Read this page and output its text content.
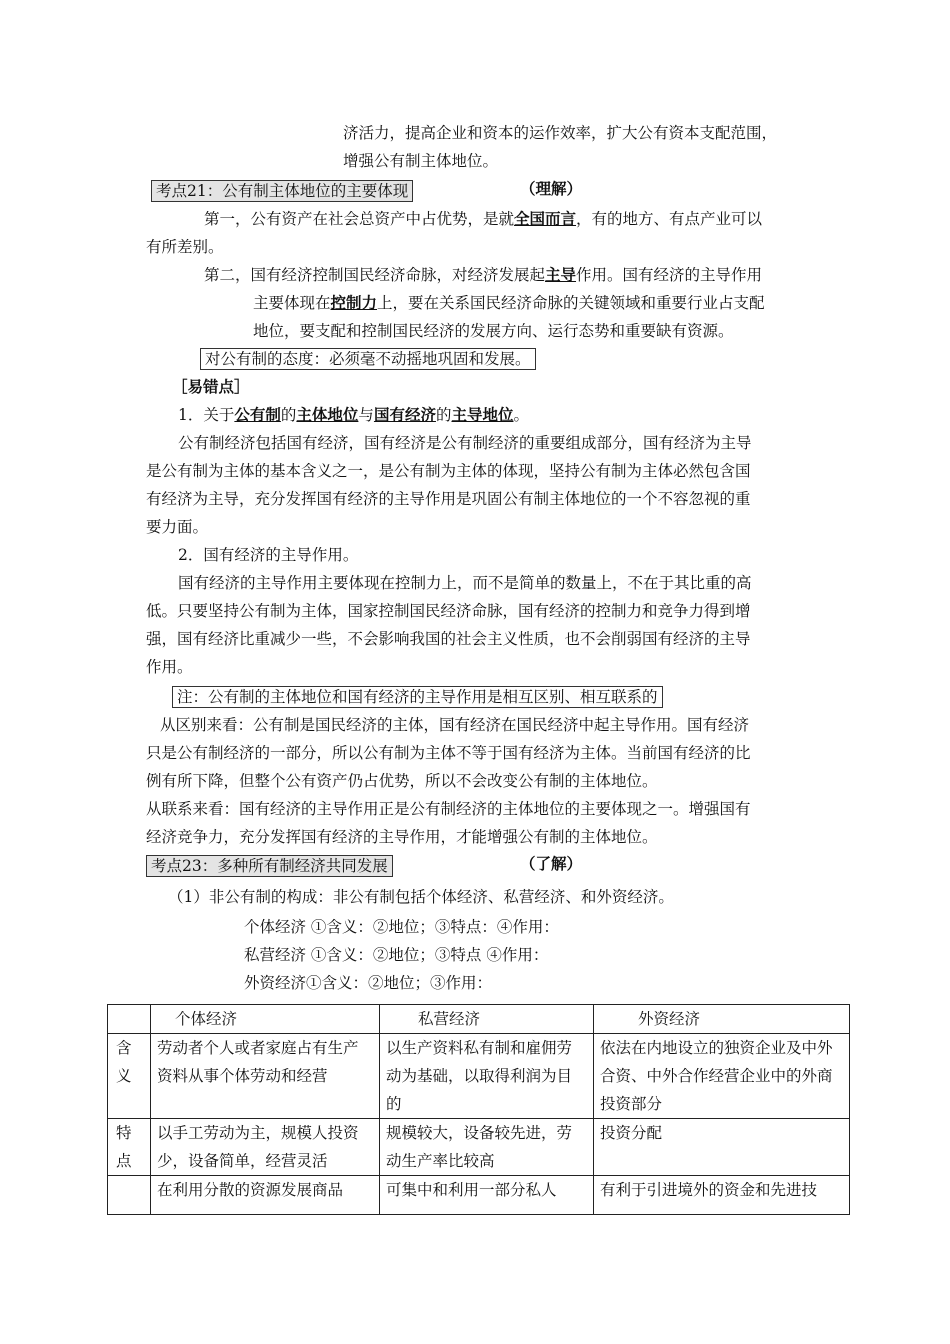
济活力，提高企业和资本的运作效率，扩大公有资本支配范围，
增强公有制主体地位。
考点21：公有制主体地位的主要体现	（理解）
第一，公有资产在社会总资产中占优势，是就全国而言，有的地方、有点产业可以
有所差别。
第二，国有经济控制国民经济命脉，对经济发展起主导作用。国有经济的主导作用
主要体现在控制力上，要在关系国民经济命脉的关键领域和重要行业占支配
地位，要支配和控制国民经济的发展方向、运行态势和重要缺有资源。
对公有制的态度：必须毫不动摇地巩固和发展。
［易错点］
1．关于公有制的主体地位与国有经济的主导地位。
公有制经济包括国有经济，国有经济是公有制经济的重要组成部分，国有经济为主导
是公有制为主体的基本含义之一，是公有制为主体的体现，坚持公有制为主体必然包含国
有经济为主导，充分发挥国有经济的主导作用是巩固公有制主体地位的一个不容忽视的重
要力面。
2．国有经济的主导作用。
国有经济的主导作用主要体现在控制力上，而不是简单的数量上，不在于其比重的高
低。只要坚持公有制为主体，国家控制国民经济命脉，国有经济的控制力和竞争力得到增
强，国有经济比重减少一些，不会影响我国的社会主义性质，也不会削弱国有经济的主导
作用。
注：公有制的主体地位和国有经济的主导作用是相互区别、相互联系的
从区别来看：公有制是国民经济的主体，国有经济在国民经济中起主导作用。国有经济
只是公有制经济的一部分，所以公有制为主体不等于国有经济为主体。当前国有经济的比
例有所下降，但整个公有资产仍占优势，所以不会改变公有制的主体地位。
从联系来看：国有经济的主导作用正是公有制经济的主体地位的主要体现之一。增强国有
经济竞争力，充分发挥国有经济的主导作用，才能增强公有制的主体地位。
考点23：多种所有制经济共同发展	（了解）
（1）非公有制的构成：非公有制包括个体经济、私营经济、和外资经济。
个体经济 ①含义：②地位；③特点：④作用：
私营经济 ①含义：②地位；③特点 ④作用：
外资经济①含义：②地位；③作用：
	个体经济	私营经济	外资经济
含义	劳动者个人或者家庭占有生产资料从事个体劳动和经营	以生产资料私有制和雇佣劳动为基础，以取得利润为目的	依法在内地设立的独资企业及中外合资、中外合作经营企业中的外商投资部分
特点	以手工劳动为主，规模人投资少，设备简单，经营灵活	规模较大，设备较先进，劳动生产率比较高	投资分配
	在利用分散的资源发展商品	可集中和利用一部分私人	有利于引进境外的资金和先进技
